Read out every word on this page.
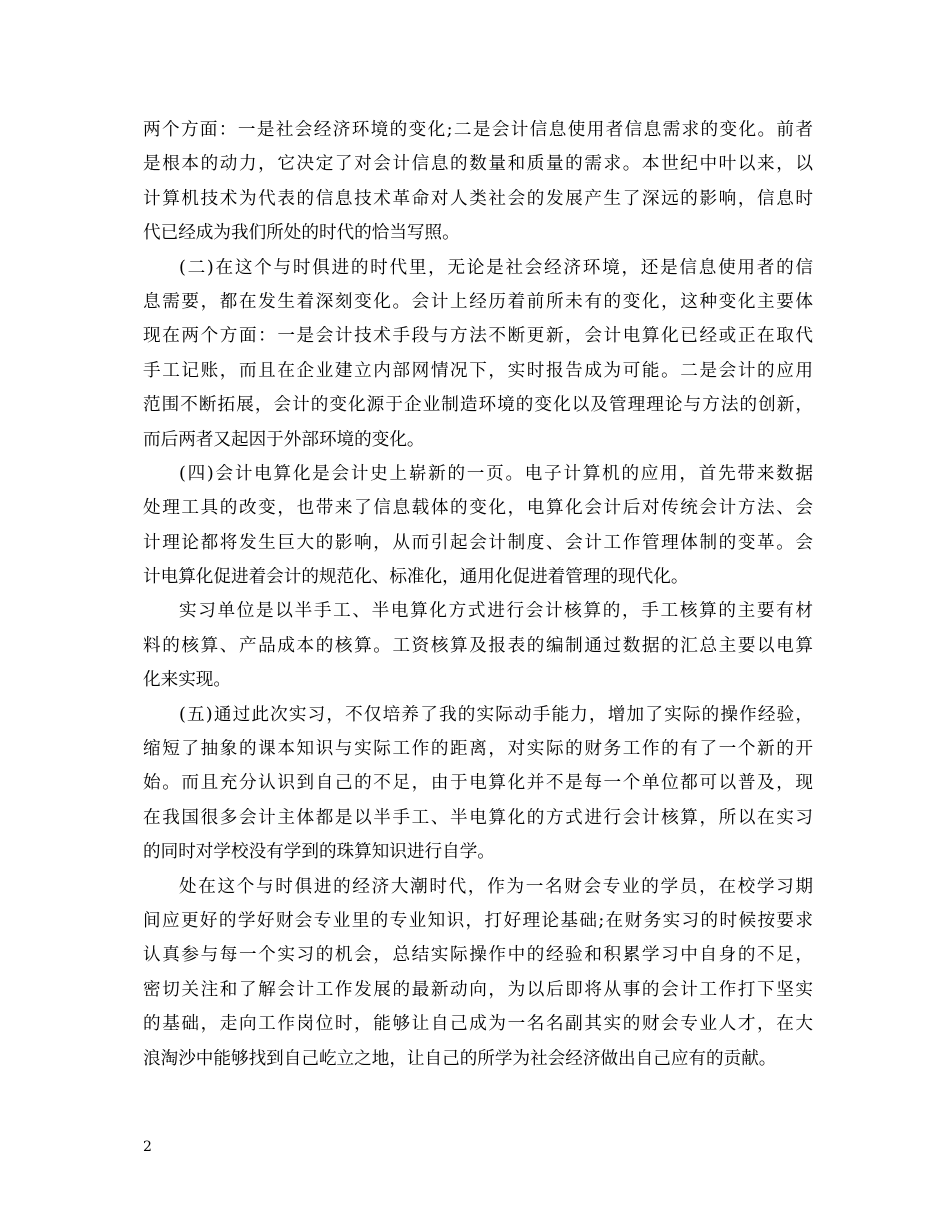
两个方面：一是社会经济环境的变化;二是会计信息使用者信息需求的变化。前者
是根本的动力，它决定了对会计信息的数量和质量的需求。本世纪中叶以来，以
计算机技术为代表的信息技术革命对人类社会的发展产生了深远的影响，信息时
代已经成为我们所处的时代的恰当写照。
(二)在这个与时俱进的时代里，无论是社会经济环境，还是信息使用者的信
息需要，都在发生着深刻变化。会计上经历着前所未有的变化，这种变化主要体
现在两个方面：一是会计技术手段与方法不断更新，会计电算化已经或正在取代
手工记账，而且在企业建立内部网情况下，实时报告成为可能。二是会计的应用
范围不断拓展，会计的变化源于企业制造环境的变化以及管理理论与方法的创新，
而后两者又起因于外部环境的变化。
(四)会计电算化是会计史上崭新的一页。电子计算机的应用，首先带来数据
处理工具的改变，也带来了信息载体的变化，电算化会计后对传统会计方法、会
计理论都将发生巨大的影响，从而引起会计制度、会计工作管理体制的变革。会
计电算化促进着会计的规范化、标准化，通用化促进着管理的现代化。
实习单位是以半手工、半电算化方式进行会计核算的，手工核算的主要有材
料的核算、产品成本的核算。工资核算及报表的编制通过数据的汇总主要以电算
化来实现。
(五)通过此次实习，不仅培养了我的实际动手能力，增加了实际的操作经验，
缩短了抽象的课本知识与实际工作的距离，对实际的财务工作的有了一个新的开
始。而且充分认识到自己的不足，由于电算化并不是每一个单位都可以普及，现
在我国很多会计主体都是以半手工、半电算化的方式进行会计核算，所以在实习
的同时对学校没有学到的珠算知识进行自学。
处在这个与时俱进的经济大潮时代，作为一名财会专业的学员，在校学习期
间应更好的学好财会专业里的专业知识，打好理论基础;在财务实习的时候按要求
认真参与每一个实习的机会，总结实际操作中的经验和积累学习中自身的不足，
密切关注和了解会计工作发展的最新动向，为以后即将从事的会计工作打下坚实
的基础，走向工作岗位时，能够让自己成为一名名副其实的财会专业人才，在大
浪淘沙中能够找到自己屹立之地，让自己的所学为社会经济做出自己应有的贡献。
2
